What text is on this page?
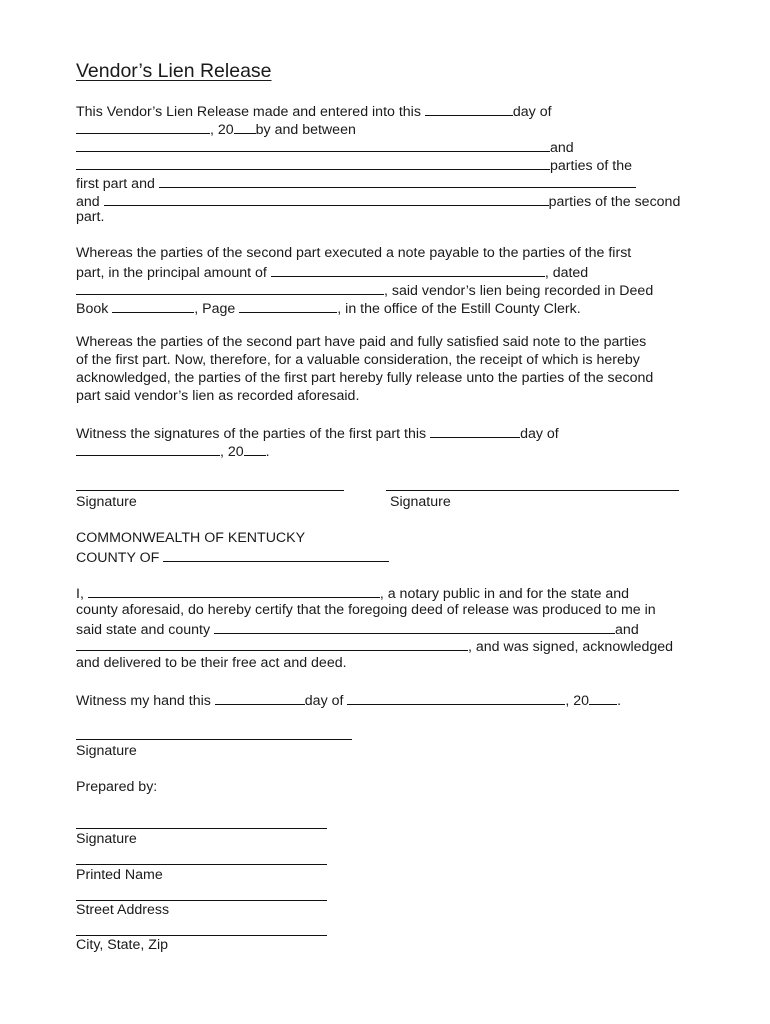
Vendor’s Lien Release
This Vendor’s Lien Release made and entered into this	day of
, 20 by and between
and
parties of the
first part and
and	parties of the second
part.
Whereas the parties of the second part executed a note payable to the parties of the first
part, in the principal amount of	, dated
, said vendor’s lien being recorded in Deed
Book	, Page	, in the office of the Estill County Clerk.
Whereas the parties of the second part have paid and fully satisfied said note to the parties
of the first part. Now, therefore, for a valuable consideration, the receipt of which is hereby
acknowledged, the parties of the first part hereby fully release unto the parties of the second
part said vendor’s lien as recorded aforesaid.
Witness the signatures of the parties of the first part this	day of
, 20 .
Signature	Signature
COMMONWEALTH OF KENTUCKY
COUNTY OF
I,	, a notary public in and for the state and
county aforesaid, do hereby certify that the foregoing deed of release was produced to me in
said state and county	and
, and was signed, acknowledged
and delivered to be their free act and deed.
Witness my hand this	day of	, 20 .
Signature
Prepared by:
Signature
Printed Name
Street Address
City, State, Zip
